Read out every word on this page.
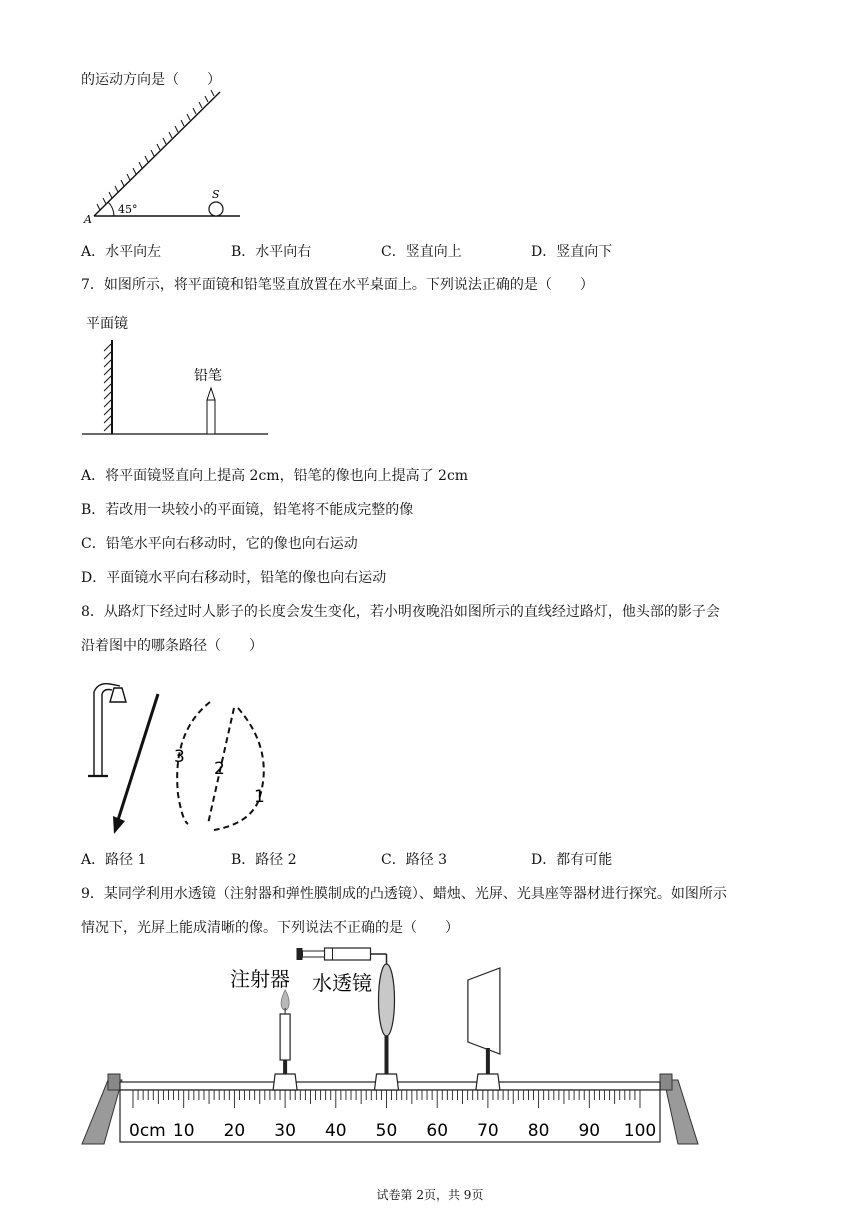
的运动方向是（　　）
45°
A
S
A．水平向左	B．水平向右	C．竖直向上	D．竖直向下
7．如图所示，将平面镜和铅笔竖直放置在水平桌面上。下列说法正确的是（　　）
平面镜
铅笔
A．将平面镜竖直向上提高 2cm，铅笔的像也向上提高了 2cm
B．若改用一块较小的平面镜，铅笔将不能成完整的像
C．铅笔水平向右移动时，它的像也向右运动
D．平面镜水平向右移动时，铅笔的像也向右运动
8．从路灯下经过时人影子的长度会发生变化，若小明夜晚沿如图所示的直线经过路灯，他头部的影子会
沿着图中的哪条路径（　　）
3
2
1
A．路径 1	B．路径 2	C．路径 3	D．都有可能
9．某同学利用水透镜（注射器和弹性膜制成的凸透镜）、蜡烛、光屏、光具座等器材进行探究。如图所示
情况下，光屏上能成清晰的像。下列说法不正确的是（　　）
0cm 10 20 30 40 50 60 70 80 90 100
注射器 水透镜
试卷第 2页，共 9页
